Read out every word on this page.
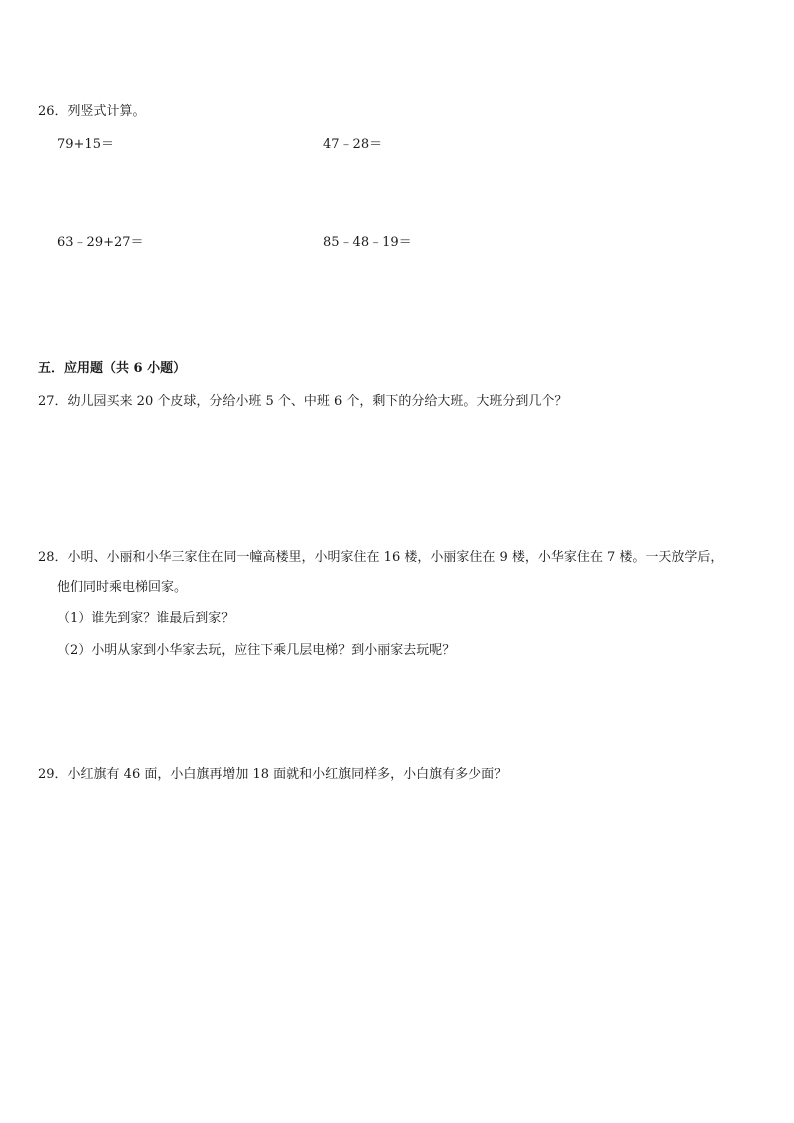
26．列竖式计算。
79+15＝	47﹣28＝
63﹣29+27＝	85﹣48﹣19＝
五．应用题（共 6 小题）
27．幼儿园买来 20 个皮球，分给小班 5 个、中班 6 个，剩下的分给大班。大班分到几个？
28．小明、小丽和小华三家住在同一幢高楼里，小明家住在 16 楼，小丽家住在 9 楼，小华家住在 7 楼。一天放学后，
他们同时乘电梯回家。
（1）谁先到家？谁最后到家？
（2）小明从家到小华家去玩，应往下乘几层电梯？到小丽家去玩呢？
29．小红旗有 46 面，小白旗再增加 18 面就和小红旗同样多，小白旗有多少面？
